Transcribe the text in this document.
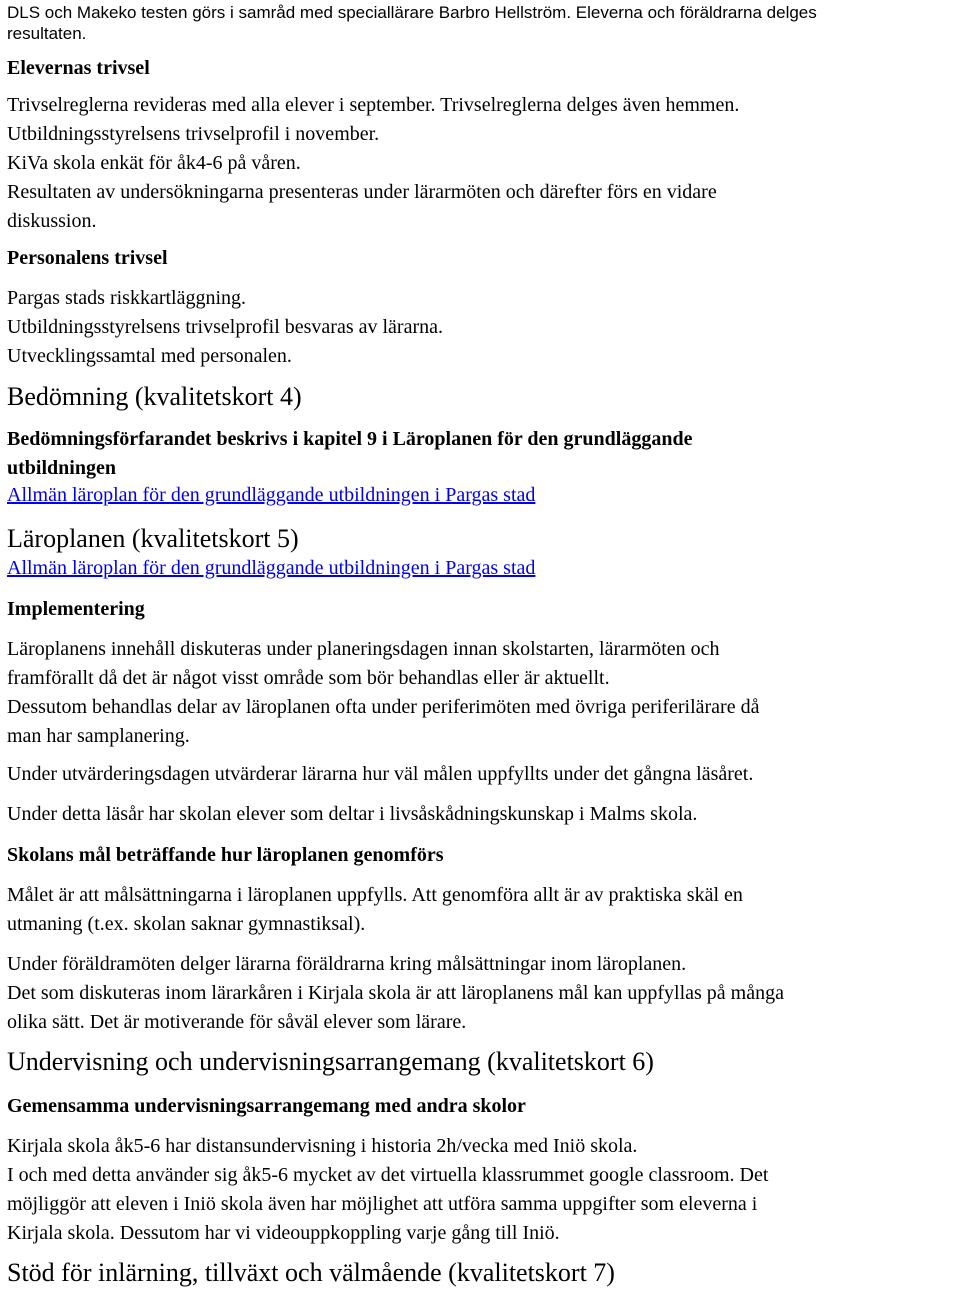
DLS och Makeko testen görs i samråd med speciallärare Barbro Hellström. Eleverna och föräldrarna delges
resultaten.
Elevernas trivsel
Trivselreglerna revideras med alla elever i september. Trivselreglerna delges även hemmen.
Utbildningsstyrelsens trivselprofil i november.
KiVa skola enkät för åk4-6 på våren.
Resultaten av undersökningarna presenteras under lärarmöten och därefter förs en vidare
diskussion.
Personalens trivsel
Pargas stads riskkartläggning.
Utbildningsstyrelsens trivselprofil besvaras av lärarna.
Utvecklingssamtal med personalen.
Bedömning (kvalitetskort 4)
Bedömningsförfarandet beskrivs i kapitel 9 i Läroplanen för den grundläggande
utbildningen
Allmän läroplan för den grundläggande utbildningen i Pargas stad
Läroplanen (kvalitetskort 5)
Allmän läroplan för den grundläggande utbildningen i Pargas stad
Implementering
Läroplanens innehåll diskuteras under planeringsdagen innan skolstarten, lärarmöten och
framförallt då det är något visst område som bör behandlas eller är aktuellt.
Dessutom behandlas delar av läroplanen ofta under periferimöten med övriga periferilärare då
man har samplanering.
Under utvärderingsdagen utvärderar lärarna hur väl målen uppfyllts under det gångna läsåret.
Under detta läsår har skolan elever som deltar i livsåskådningskunskap i Malms skola.
Skolans mål beträffande hur läroplanen genomförs
Målet är att målsättningarna i läroplanen uppfylls. Att genomföra allt är av praktiska skäl en
utmaning (t.ex. skolan saknar gymnastiksal).
Under föräldramöten delger lärarna föräldrarna kring målsättningar inom läroplanen.
Det som diskuteras inom lärarkåren i Kirjala skola är att läroplanens mål kan uppfyllas på många
olika sätt. Det är motiverande för såväl elever som lärare.
Undervisning och undervisningsarrangemang (kvalitetskort 6)
Gemensamma undervisningsarrangemang med andra skolor
Kirjala skola åk5-6 har distansundervisning i historia 2h/vecka med Iniö skola.
I och med detta använder sig åk5-6 mycket av det virtuella klassrummet google classroom. Det
möjliggör att eleven i Iniö skola även har möjlighet att utföra samma uppgifter som eleverna i
Kirjala skola. Dessutom har vi videouppkoppling varje gång till Iniö.
Stöd för inlärning, tillväxt och välmående (kvalitetskort 7)
